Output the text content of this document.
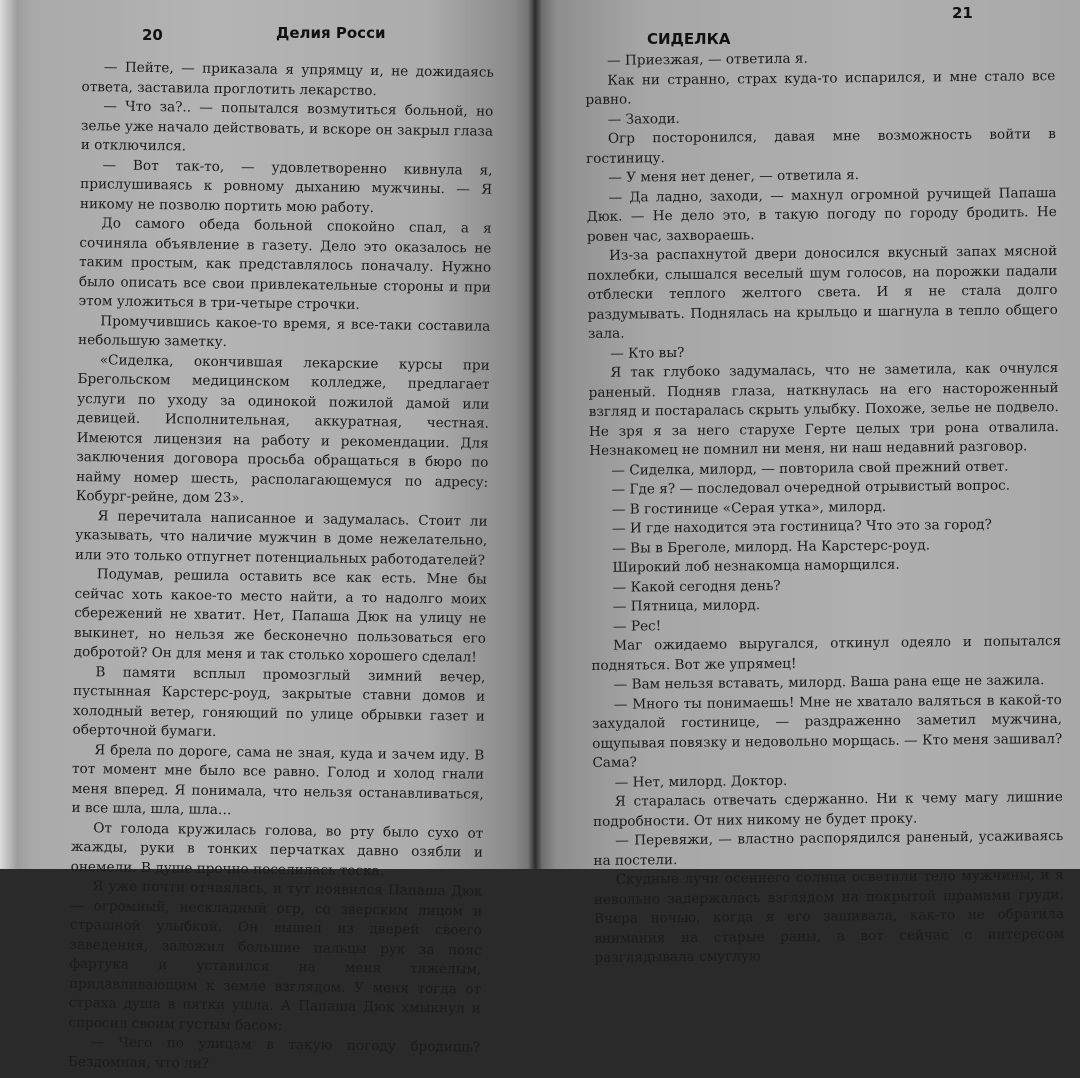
20	Делия Росси

— Пейте, — приказала я упрямцу и, не дожидаясь ответа, заставила проглотить лекарство.

— Что за?.. — попытался возмутиться больной, но зелье уже начало действовать, и вскоре он закрыл глаза и отключился.

— Вот так-то, — удовлетворенно кивнула я, прислушиваясь к ровному дыханию мужчины. — Я никому не позволю портить мою работу.

До самого обеда больной спокойно спал, а я сочиняла объявление в газету. Дело это оказалось не таким простым, как представлялось поначалу. Нужно было описать все свои привлекательные стороны и при этом уложиться в три-четыре строчки.

Промучившись какое-то время, я все-таки составила небольшую заметку.

«Сиделка, окончившая лекарские курсы при Брегольском медицинском колледже, предлагает услуги по уходу за одинокой пожилой дамой или девицей. Исполнительная, аккуратная, честная. Имеются лицензия на работу и рекомендации. Для заключения договора просьба обращаться в бюро по найму номер шесть, располагающемуся по адресу: Кобург-рейне, дом 23».

Я перечитала написанное и задумалась. Стоит ли указывать, что наличие мужчин в доме нежелательно, или это только отпугнет потенциальных работодателей?

Подумав, решила оставить все как есть. Мне бы сейчас хоть какое-то место найти, а то надолго моих сбережений не хватит. Нет, Папаша Дюк на улицу не выкинет, но нельзя же бесконечно пользоваться его добротой? Он для меня и так столько хорошего сделал!

В памяти всплыл промозглый зимний вечер, пустынная Карстерс-роуд, закрытые ставни домов и холодный ветер, гоняющий по улице обрывки газет и оберточной бумаги.

Я брела по дороге, сама не зная, куда и зачем иду. В тот момент мне было все равно. Голод и холод гнали меня вперед. Я понимала, что нельзя останавливаться, и все шла, шла, шла…

От голода кружилась голова, во рту было сухо от жажды, руки в тонких перчатках давно озябли и онемели. В душе прочно поселилась тоска.

Я уже почти отчаялась, и тут появился Папаша Дюк — огромный, нескладный огр, со зверским лицом и страшной улыбкой. Он вышел из дверей своего заведения, заложил большие пальцы рук за пояс фартука и уставился на меня тяжелым, придавливающим к земле взглядом. У меня тогда от страха душа в пятки ушла. А Папаша Дюк хмыкнул и спросил своим густым басом:

— Чего по улицам в такую погоду бродишь? Бездомная, что ли?

СИДЕЛКА
21

— Приезжая, — ответила я.

Как ни странно, страх куда-то испарился, и мне стало все равно.

— Заходи.

Огр посторонился, давая мне возможность войти в гостиницу.

— У меня нет денег, — ответила я.

— Да ладно, заходи, — махнул огромной ручищей Папаша Дюк. — Не дело это, в такую погоду по городу бродить. Не ровен час, захвораешь.

Из-за распахнутой двери доносился вкусный запах мясной похлебки, слышался веселый шум голосов, на порожки падали отблески теплого желтого света. И я не стала долго раздумывать. Поднялась на крыльцо и шагнула в тепло общего зала.

— Кто вы?

Я так глубоко задумалась, что не заметила, как очнулся раненый. Подняв глаза, наткнулась на его настороженный взгляд и постаралась скрыть улыбку. Похоже, зелье не подвело. Не зря я за него старухе Герте целых три рона отвалила. Незнакомец не помнил ни меня, ни наш недавний разговор.

— Сиделка, милорд, — повторила свой прежний ответ.

— Где я? — последовал очередной отрывистый вопрос.

— В гостинице «Серая утка», милорд.

— И где находится эта гостиница? Что это за город?

— Вы в Бреголе, милорд. На Карстерс-роуд.

Широкий лоб незнакомца наморщился.

— Какой сегодня день?

— Пятница, милорд.

— Рес!

Маг ожидаемо выругался, откинул одеяло и попытался подняться. Вот же упрямец!

— Вам нельзя вставать, милорд. Ваша рана еще не зажила.

— Много ты понимаешь! Мне не хватало валяться в какой-то захудалой гостинице, — раздраженно заметил мужчина, ощупывая повязку и недовольно морщась. — Кто меня зашивал? Сама?

— Нет, милорд. Доктор.

Я старалась отвечать сдержанно. Ни к чему магу лишние подробности. От них никому не будет проку.

— Перевяжи, — властно распорядился раненый, усаживаясь на постели.

Скудные лучи осеннего солнца осветили тело мужчины, и я невольно задержалась взглядом на покрытой шрамами груди. Вчера ночью, когда я его зашивала, как-то не обратила внимания на старые раны, а вот сейчас с интересом разглядывала смуглую
